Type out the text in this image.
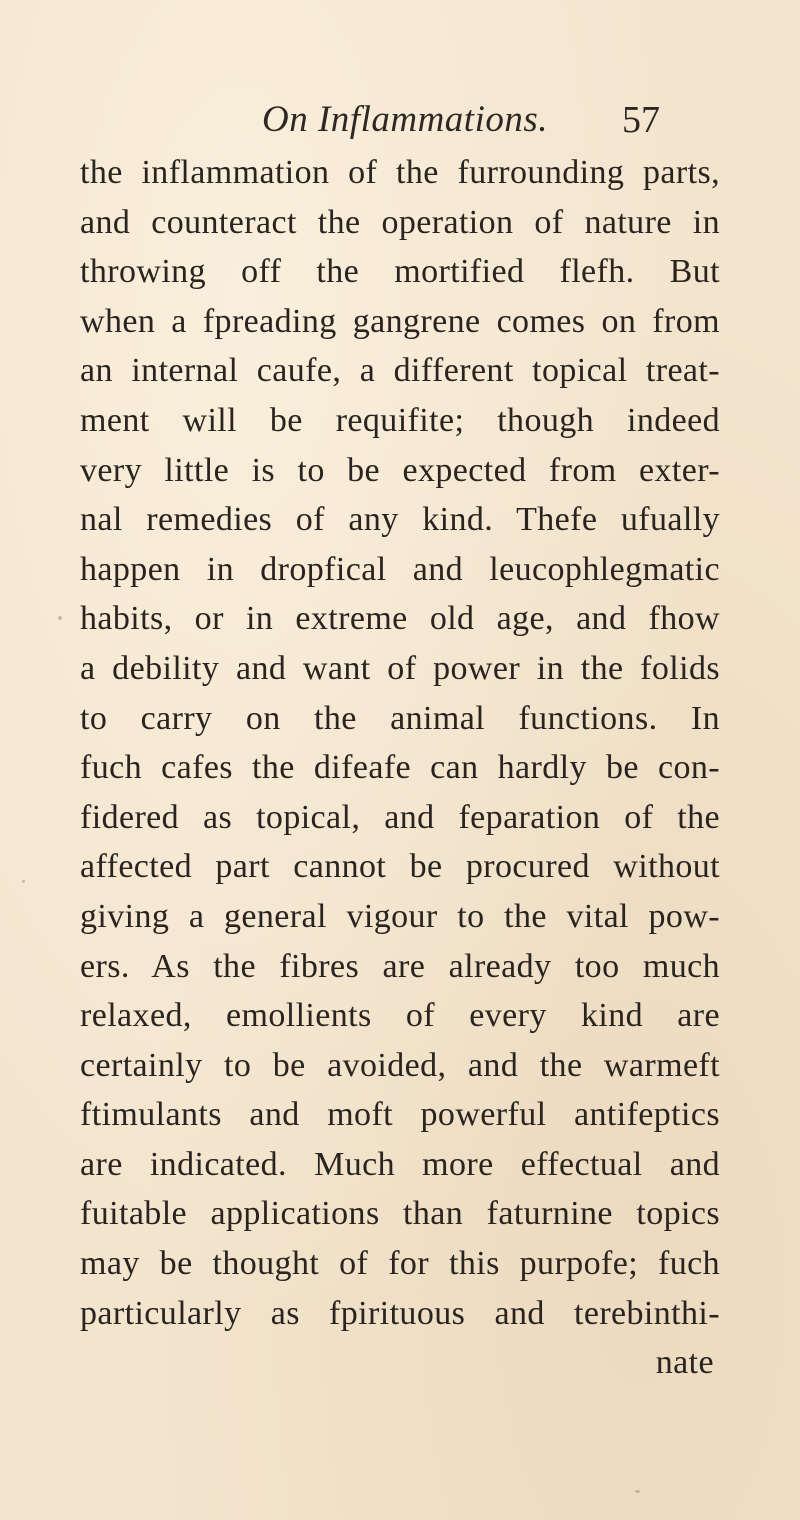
On Inflammations. 57
the inflammation of the furrounding parts,
and counteract the operation of nature in
throwing off the mortified flefh. But
when a fpreading gangrene comes on from
an internal caufe, a different topical treat-
ment will be requifite; though indeed
very little is to be expected from exter-
nal remedies of any kind. Thefe ufually
happen in dropfical and leucophlegmatic
habits, or in extreme old age, and fhow
a debility and want of power in the folids
to carry on the animal functions. In
fuch cafes the difeafe can hardly be con-
fidered as topical, and feparation of the
affected part cannot be procured without
giving a general vigour to the vital pow-
ers. As the fibres are already too much
relaxed, emollients of every kind are
certainly to be avoided, and the warmeft
ftimulants and moft powerful antifeptics
are indicated. Much more effectual and
fuitable applications than faturnine topics
may be thought of for this purpofe; fuch
particularly as fpirituous and terebinthi-
nate
